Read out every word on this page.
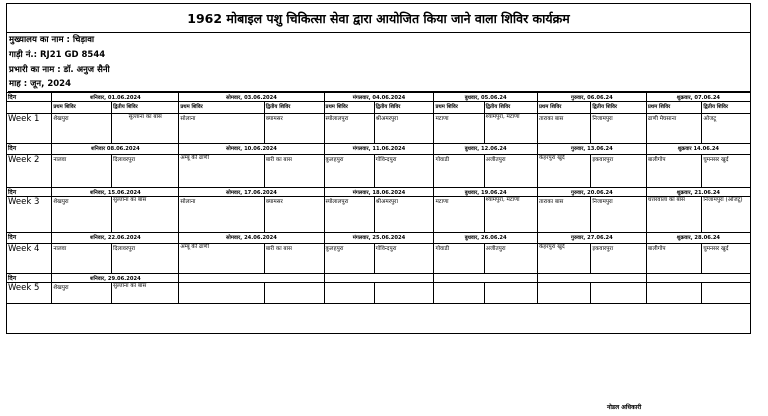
1962 मोबाइल पशु चिकित्सा सेवा द्वारा आयोजित किया जाने वाला शिविर कार्यक्रम
मुख्यालय का नाम : चिड़ावा
गाड़ी नं.: RJ21 GD 8544
प्रभारी का नाम : डॉ. अनुज सैनी
माह : जून, 2024
दिन	शनिवार, 01.06.2024		सोमवार, 03.06.2024		मंगलवार, 04.06.2024		बुधवार, 05.06.24		गुरुवार, 06.06.24		शुक्रवार, 07.06.24	
	प्रथम शिविर	द्वितीय शिविर	प्रथम शिविर	द्वितीय शिविर	प्रथम शिविर	द्वितीय शिविर	प्रथम शिविर	द्वितीय शिविर	प्रथम शिविर	द्वितीय शिविर	प्रथम शिविर	द्वितीय शिविर
Week 1	शेखपुरा	सुल्ताना का बास	सोलाना	क्यामसर	स्योलालपुरा	श्रीअमरपुरा	मटाणा	श्यामपुरा, मटाणा	ताराका बास	निजामपुरा	ढाणी मेघसाना	ओजटू
दिन	शनिवार 08.06.2024		सोमवार, 10.06.2024		मंगलवार, 11.06.2024		बुधवार, 12.06.24		गुरुवार, 13.06.24		शुक्रवार 14.06.24	
Week 2	नालवा	दिलावरपुरा	अम्बू की ढाणी	बारी का बास	कुलहपुरा	गोविन्दपुरा	गोवाडी	अजीतपुरा	केहरपुरा खुर्द	इकवारपुरा	बालीगोप	घुमनसर खुर्द
दिन	शनिवार, 15.06.2024		सोमवार, 17.06.2024		मंगलवार, 18.06.2024		बुधवार, 19.06.24		गुरुवार, 20.06.24		शुक्रवार, 21.06.24	
Week 3	शेखपुरा	सुल्ताना का बास	सोलाना	क्यामसर	स्योलालपुरा	श्रीअमरपुरा	मटाणा	श्यामपुरा, मटाणा	ताराका बास	निजामपुरा	धत्तरवाला का बास	निजामपुरा (ओजटू)
दिन	शनिवार, 22.06.2024		सोमवार, 24.06.2024		मंगलवार, 25.06.2024		बुधवार, 26.06.24		गुरुवार, 27.06.24		शुक्रवार, 28.06.24	
Week 4	नालवा	दिलावरपुरा	अम्बू की ढाणी	बारी का बास	कुलहपुरा	गोविन्दपुरा	गोवाडी	अजीतपुरा	केहरपुरा खुर्द	इकवारपुरा	बालीगोप	घुमनसर खुर्द
दिन	शनिवार, 29.06.2024											
Week 5	शेखपुरा	सुल्ताना का बास										
नोडल अधिकारी
